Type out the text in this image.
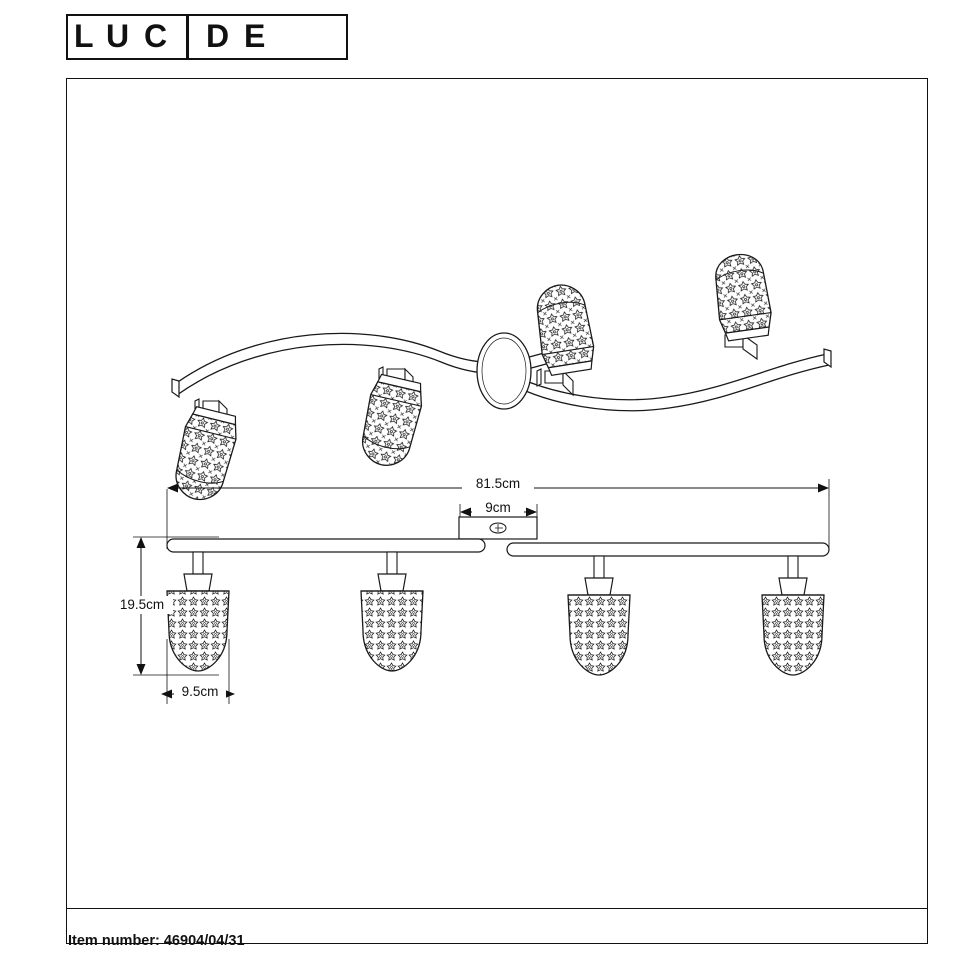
L U C D E
81.5cm
9cm
19.5cm
9.5cm
Item number: 46904/04/31
